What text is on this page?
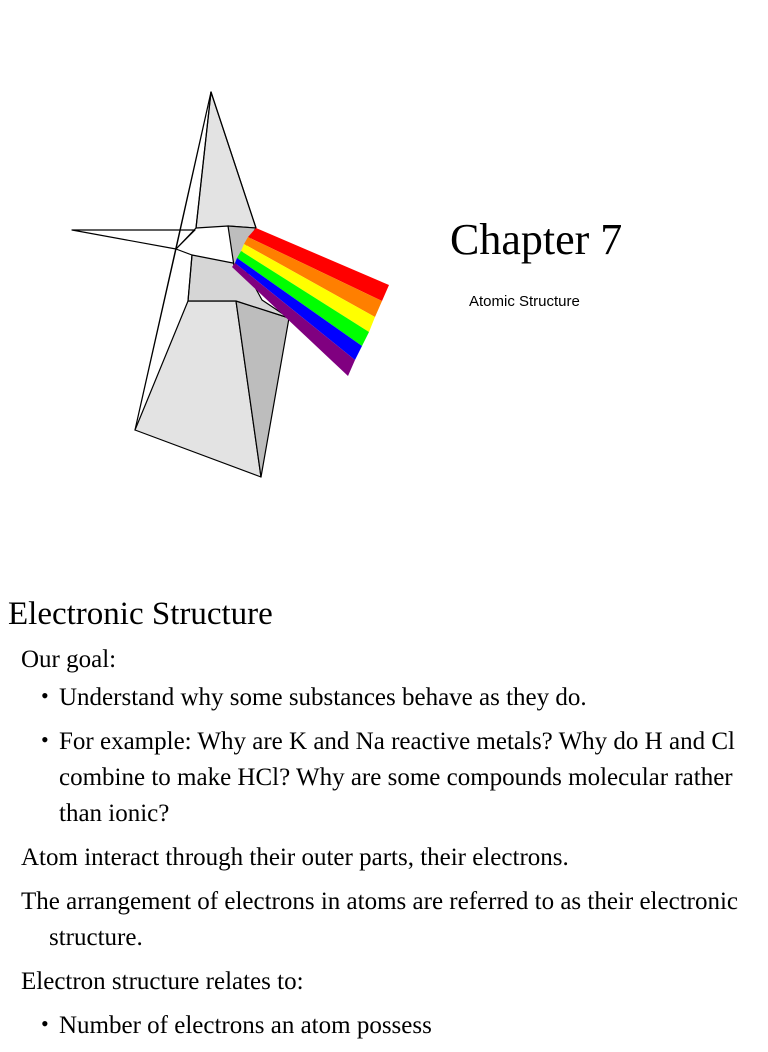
Chapter 7
Atomic Structure
Electronic Structure
Our goal:
• Understand why some substances behave as they do.
• For example: Why are K and Na reactive metals? Why do H and Cl combine to make HCl? Why are some compounds molecular rather than ionic?
Atom interact through their outer parts, their electrons.
The arrangement of electrons in atoms are referred to as their electronic structure.
Electron structure relates to:
• Number of electrons an atom possess
